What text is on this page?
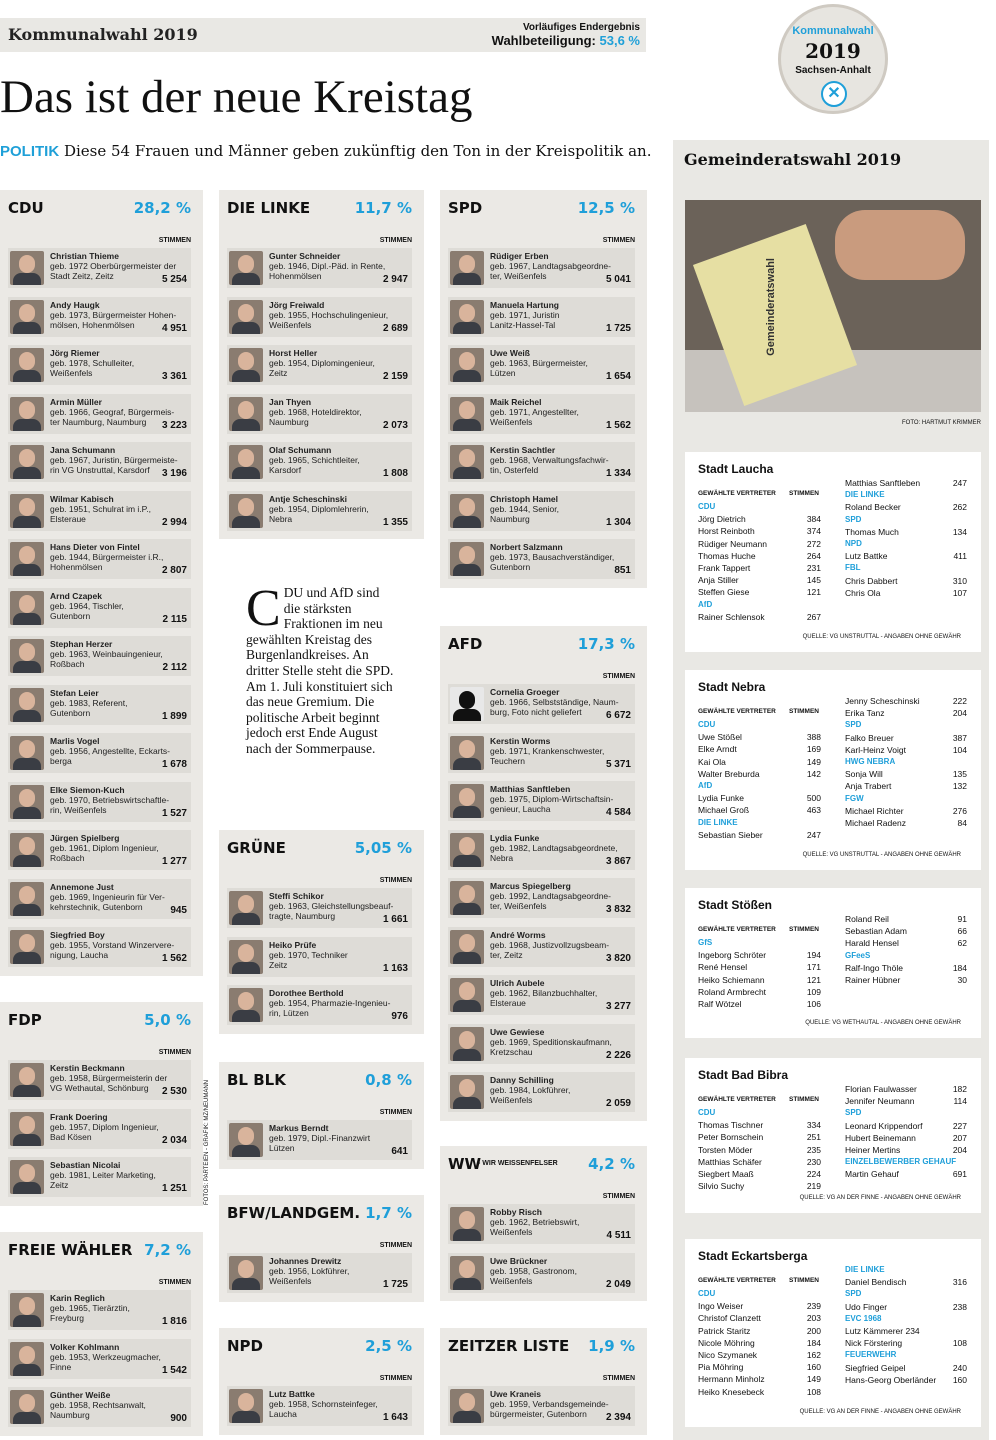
Kommunalwahl 2019	Vorläufiges Endergebnis
Wahlbeteiligung: 53,6 %
Kommunalwahl
2019
Sachsen-Anhalt
✕
Das ist der neue Kreistag
POLITIK Diese 54 Frauen und Männer geben zukünftig den Ton in der Kreispolitik an.
CDU	28,2 %
STIMMEN
Christian Thieme
geb. 1972 Oberbürgermeister der
Stadt Zeitz, Zeitz	5 254
Andy Haugk
geb. 1973, Bürgermeister Hohen-
mölsen, Hohenmölsen	4 951
Jörg Riemer
geb. 1978, Schulleiter,
Weißenfels	3 361
Armin Müller
geb. 1966, Geograf, Bürgermeis-
ter Naumburg, Naumburg	3 223
Jana Schumann
geb. 1967, Juristin, Bürgermeiste-
rin VG Unstruttal, Karsdorf	3 196
Wilmar Kabisch
geb. 1951, Schulrat im i.P.,
Elsteraue	2 994
Hans Dieter von Fintel
geb. 1944, Bürgermeister i.R.,
Hohenmölsen	2 807
Arnd Czapek
geb. 1964, Tischler,
Gutenborn	2 115
Stephan Herzer
geb. 1963, Weinbauingenieur,
Roßbach	2 112
Stefan Leier
geb. 1983, Referent,
Gutenborn	1 899
Marlis Vogel
geb. 1956, Angestellte, Eckarts-
berga	1 678
Elke Siemon-Kuch
geb. 1970, Betriebswirtschaftle-
rin, Weißenfels	1 527
Jürgen Spielberg
geb. 1961, Diplom Ingenieur,
Roßbach	1 277
Annemone Just
geb. 1969, Ingenieurin für Ver-
kehrstechnik, Gutenborn	945
Siegfried Boy
geb. 1955, Vorstand Winzervere-
nigung, Laucha	1 562
FDP	5,0 %
STIMMEN
Kerstin Beckmann
geb. 1958, Bürgermeisterin der
VG Wethautal, Schönburg	2 530
Frank Doering
geb. 1957, Diplom Ingenieur,
Bad Kösen	2 034
Sebastian Nicolai
geb. 1981, Leiter Marketing,
Zeitz	1 251
FREIE WÄHLER 7,2 %
STIMMEN
Karin Reglich
geb. 1965, Tierärztin,
Freyburg	1 816
Volker Kohlmann
geb. 1953, Werkzeugmacher,
Finne	1 542
Günther Weiße
geb. 1958, Rechtsanwalt,
Naumburg	900
DIE LINKE	11,7 %
STIMMEN
Gunter Schneider
geb. 1946, Dipl.-Päd. in Rente,
Hohenmölsen	2 947
Jörg Freiwald
geb. 1955, Hochschulingenieur,
Weißenfels	2 689
Horst Heller
geb. 1954, Diplomingenieur,
Zeitz	2 159
Jan Thyen
geb. 1968, Hoteldirektor,
Naumburg	2 073
Olaf Schumann
geb. 1965, Schichtleiter,
Karsdorf	1 808
Antje Scheschinski
geb. 1954, Diplomlehrerin,
Nebra	1 355
GRÜNE	5,05 %
STIMMEN
Steffi Schikor
geb. 1963, Gleichstellungsbeauf-
tragte, Naumburg	1 661
Heiko Prüfe
geb. 1970, Techniker
Zeitz	1 163
Dorothee Berthold
geb. 1954, Pharmazie-Ingenieu-
rin, Lützen	976
BL BLK	0,8 %
STIMMEN
Markus Berndt
geb. 1979, Dipl.-Finanzwirt
Lützen	641
BFW/LANDGEM. 1,7 %
STIMMEN
Johannes Drewitz
geb. 1956, Lokführer,
Weißenfels	1 725
NPD	2,5 %
STIMMEN
Lutz Battke
geb. 1958, Schornsteinfeger,
Laucha	1 643
SPD	12,5 %
STIMMEN
Rüdiger Erben
geb. 1967, Landtagsabgeordne-
ter, Weißenfels	5 041
Manuela Hartung
geb. 1971, Juristin
Lanitz-Hassel-Tal	1 725
Uwe Weiß
geb. 1963, Bürgermeister,
Lützen	1 654
Maik Reichel
geb. 1971, Angestellter,
Weißenfels	1 562
Kerstin Sachtler
geb. 1968, Verwaltungsfachwir-
tin, Osterfeld	1 334
Christoph Hamel
geb. 1944, Senior,
Naumburg	1 304
Norbert Salzmann
geb. 1973, Bausachverständiger,
Gutenborn	851
AFD	17,3 %
STIMMEN
Cornelia Groeger
geb. 1966, Selbstständige, Naum-
burg, Foto nicht geliefert	6 672
Kerstin Worms
geb. 1971, Krankenschwester,
Teuchern	5 371
Matthias Sanftleben
geb. 1975, Diplom-Wirtschaftsin-
genieur, Laucha	4 584
Lydia Funke
geb. 1982, Landtagsabgeordnete,
Nebra	3 867
Marcus Spiegelberg
geb. 1992, Landtagsabgeordne-
ter, Weißenfels	3 832
André Worms
geb. 1968, Justizvollzugsbeam-
ter, Zeitz	3 820
Ulrich Aubele
geb. 1962, Bilanzbuchhalter,
Elsteraue	3 277
Uwe Gewiese
geb. 1969, Speditionskaufmann,
Kretzschau	2 226
Danny Schilling
geb. 1984, Lokführer,
Weißenfels	2 059
WW
- WIR WEISSENFELSER 4,2 %
STIMMEN
Robby Risch
geb. 1962, Betriebswirt,
Weißenfels	4 511
Uwe Brückner
geb. 1958, Gastronom,
Weißenfels	2 049
ZEITZER LISTE 1,9 %
STIMMEN
Uwe Kraneis
geb. 1959, Verbandsgemeinde-
bürgermeister, Gutenborn	2 394
CDU und AfD sind die stärksten Fraktionen im neu gewählten Kreistag des Burgenlandkreises. An dritter Stelle steht die SPD. Am 1. Juli konstituiert sich das neue Gremium. Die politische Arbeit beginnt jedoch erst Ende August nach der Sommerpause.
FOTOS: PARTEIEN - GRAFIK: MZ/NEUMANN
Gemeinderatswahl 2019
Gemeinderatswahl
FOTO: HARTMUT KRIMMER
Stadt Laucha
GEWÄHLTE VERTRETER STIMMEN
CDU
Jörg Dietrich	384
Horst Reinboth	374
Rüdiger Neumann	272
Thomas Huche	264
Frank Tappert	231
Anja Stiller	145
Steffen Giese	121
AfD
Rainer Schlensok	267
Matthias Sanftleben	247
DIE LINKE
Roland Becker	262
SPD
Thomas Much	134
NPD
Lutz Battke	411
FBL
Chris Dabbert	310
Chris Ola	107
QUELLE: VG UNSTRUTTAL - ANGABEN OHNE GEWÄHR
Stadt Nebra
GEWÄHLTE VERTRETER STIMMEN
CDU
Uwe Stößel	388
Elke Arndt	169
Kai Ola	149
Walter Breburda	142
AfD
Lydia Funke	500
Michael Groß	463
DIE LINKE
Sebastian Sieber	247
Jenny Scheschinski	222
Erika Tanz	204
SPD
Falko Breuer	387
Karl-Heinz Voigt	104
HWG NEBRA
Sonja Will	135
Anja Trabert	132
FGW
Michael Richter	276
Michael Radenz	84
QUELLE: VG UNSTRUTTAL - ANGABEN OHNE GEWÄHR
Stadt Stößen
GEWÄHLTE VERTRETER STIMMEN
GfS
Ingeborg Schröter	194
René Hensel	171
Heiko Schiemann	121
Roland Armbrecht	109
Ralf Wötzel	106
Roland Reil	91
Sebastian Adam	66
Harald Hensel	62
GFeeS
Ralf-Ingo Thöle	184
Rainer Hübner	30
QUELLE: VG WETHAUTAL - ANGABEN OHNE GEWÄHR
Stadt Bad Bibra
GEWÄHLTE VERTRETER STIMMEN
CDU
Thomas Tischner	334
Peter Bornschein	251
Torsten Möder	235
Matthias Schäfer	230
Siegbert Maaß	224
Silvio Suchy	219
Florian Faulwasser	182
Jennifer Neumann	114
SPD
Leonard Krippendorf	227
Hubert Beinemann	207
Heiner Mertins	204
EINZELBEWERBER GEHAUF
Martin Gehauf	691
QUELLE: VG AN DER FINNE - ANGABEN OHNE GEWÄHR
Stadt Eckartsberga
GEWÄHLTE VERTRETER STIMMEN
CDU
Ingo Weiser	239
Christof Clanzett	203
Patrick Staritz	200
Nicole Möhring	184
Nico Szymanek	162
Pia Möhring	160
Hermann Minholz	149
Heiko Knesebeck	108
DIE LINKE
Daniel Bendisch	316
SPD
Udo Finger	238
EVC 1968
Lutz Kämmerer 234
Nick Förstering	108
FEUERWEHR
Siegfried Geipel	240
Hans-Georg Oberländer	160
QUELLE: VG AN DER FINNE - ANGABEN OHNE GEWÄHR
